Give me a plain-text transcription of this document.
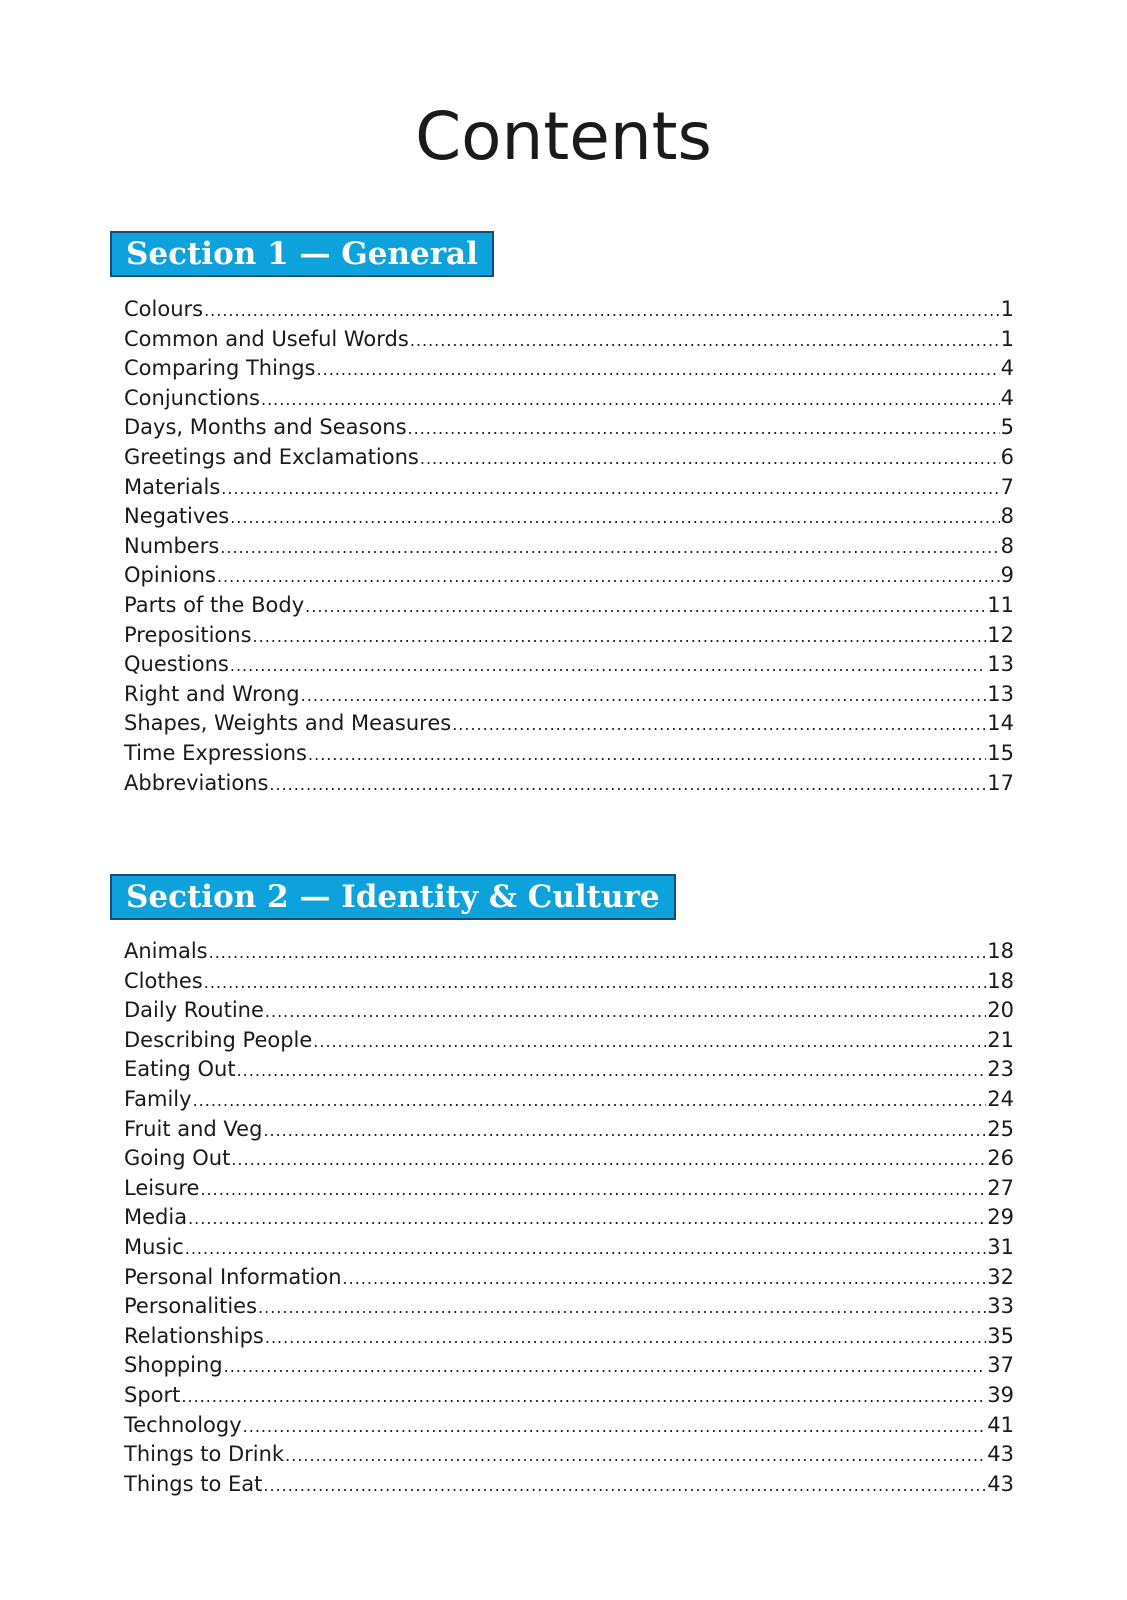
Contents
Section 1 — General
Colours .....	1
Common and Useful Words .....	1
Comparing Things .....	4
Conjunctions .....	4
Days, Months and Seasons .....	5
Greetings and Exclamations .....	6
Materials .....	7
Negatives .....	8
Numbers .....	8
Opinions .....	9
Parts of the Body .....	11
Prepositions .....	12
Questions .....	13
Right and Wrong .....	13
Shapes, Weights and Measures .....	14
Time Expressions .....	15
Abbreviations .....	17
Section 2 — Identity & Culture
Animals .....	18
Clothes .....	18
Daily Routine .....	20
Describing People .....	21
Eating Out .....	23
Family .....	24
Fruit and Veg .....	25
Going Out .....	26
Leisure .....	27
Media .....	29
Music .....	31
Personal Information .....	32
Personalities .....	33
Relationships .....	35
Shopping .....	37
Sport .....	39
Technology .....	41
Things to Drink .....	43
Things to Eat .....	43
